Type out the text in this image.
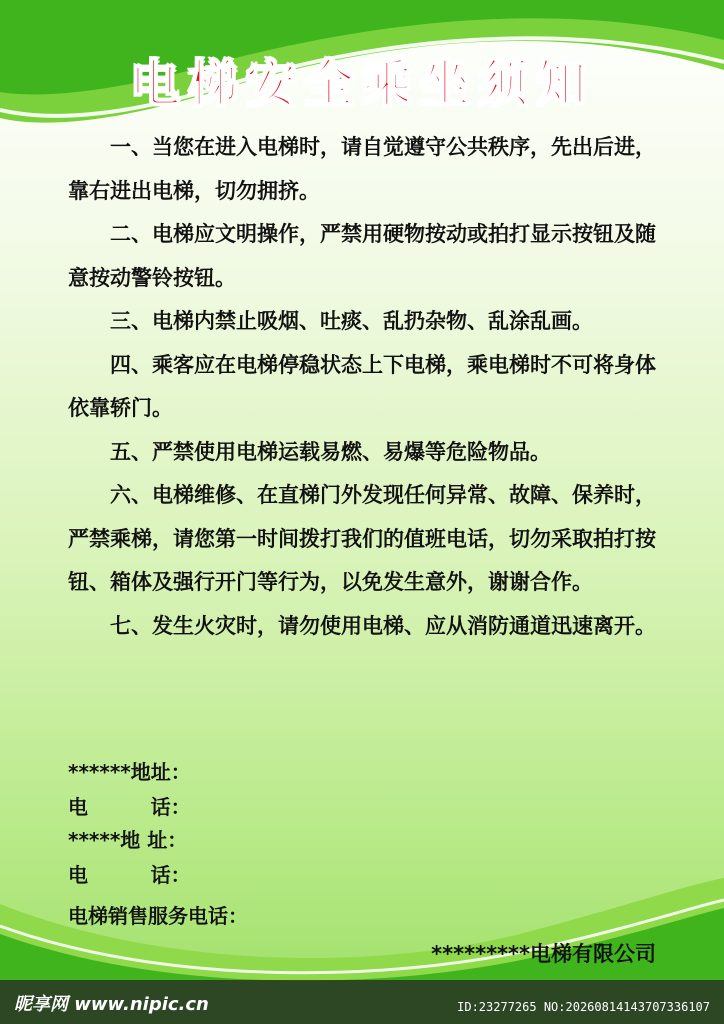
电梯安全乘坐须知

一、当您在进入电梯时，请自觉遵守公共秩序，先出后进，靠右进出电梯，切勿拥挤。

二、电梯应文明操作，严禁用硬物按动或拍打显示按钮及随意按动警铃按钮。

三、电梯内禁止吸烟、吐痰、乱扔杂物、乱涂乱画。

四、乘客应在电梯停稳状态上下电梯，乘电梯时不可将身体依靠轿门。

五、严禁使用电梯运载易燃、易爆等危险物品。

六、电梯维修、在直梯门外发现任何异常、故障、保养时，严禁乘梯，请您第一时间拨打我们的值班电话，切勿采取拍打按钮、箱体及强行开门等行为，以免发生意外，谢谢合作。

七、发生火灾时，请勿使用电梯、应从消防通道迅速离开。

******地址：
电         话：
*****地 址：
电         话：
电梯销售服务电话：
*********电梯有限公司
昵享网 www.nipic.cn	ID:23277265 NO:20260814143707336107
